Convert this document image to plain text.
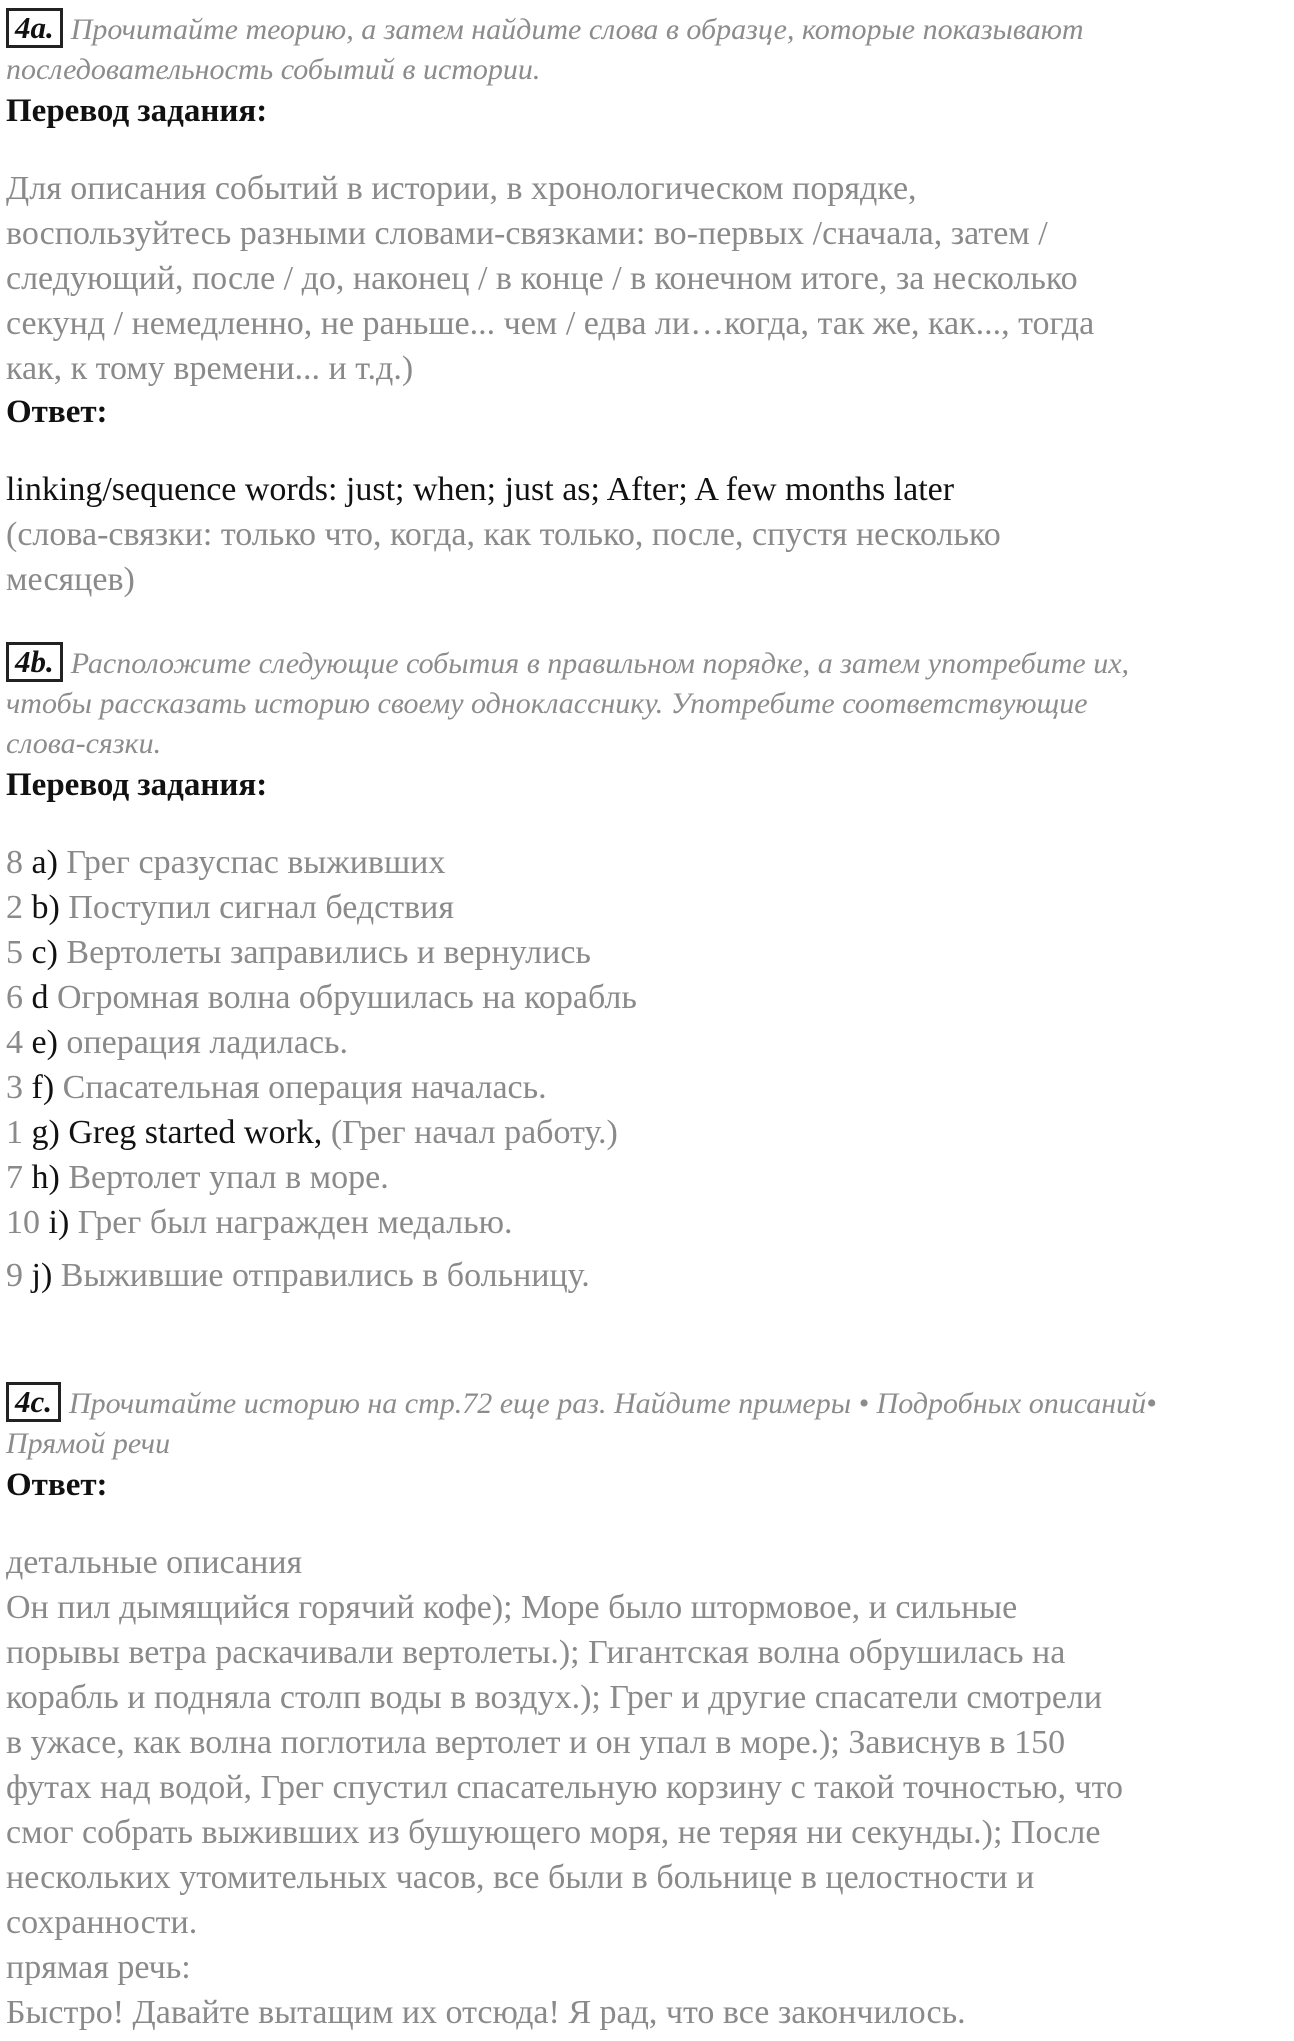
4a. Прочитайте теорию, а затем найдите слова в образце, которые показывают

последовательность событий в истории.

Перевод задания:

Для описания событий в истории, в хронологическом порядке,

воспользуйтесь разными словами-связками: во-первых /сначала, затем /

следующий, после / до, наконец / в конце / в конечном итоге, за несколько

секунд / немедленно, не раньше... чем / едва ли…когда, так же, как..., тогда

как, к тому времени... и т.д.)

Ответ:

linking/sequence words: just; when; just as; After; A few months later

(слова-связки: только что, когда, как только, после, спустя несколько

месяцев)

4b. Расположите следующие события в правильном порядке, а затем употребите их,

чтобы рассказать историю своему однокласснику. Употребите соответствующие

слова-сязки.

Перевод задания:

8 a) Грег сразуспас выживших

2 b) Поступил сигнал бедствия

5 c) Вертолеты заправились и вернулись

6 d Огромная волна обрушилась на корабль

4 e) операция ладилась.

3 f) Спасательная операция началась.

1 g) Greg started work, (Грег начал работу.)

7 h) Вертолет упал в море.

10 i) Грег был награжден медалью.

9 j) Выжившие отправились в больницу.

4c. Прочитайте историю на стр.72 еще раз. Найдите примеры • Подробных описаний•

Прямой речи

Ответ:

детальные описания

Он пил дымящийся горячий кофе); Море было штормовое, и сильные

порывы ветра раскачивали вертолеты.); Гигантская волна обрушилась на

корабль и подняла столп воды в воздух.); Грег и другие спасатели смотрели

в ужасе, как волна поглотила вертолет и он упал в море.); Зависнув в 150

футах над водой, Грег спустил спасательную корзину с такой точностью, что

смог собрать выживших из бушующего моря, не теряя ни секунды.); После

нескольких утомительных часов, все были в больнице в целостности и

сохранности.

прямая речь:

Быстро! Давайте вытащим их отсюда! Я рад, что все закончилось.
